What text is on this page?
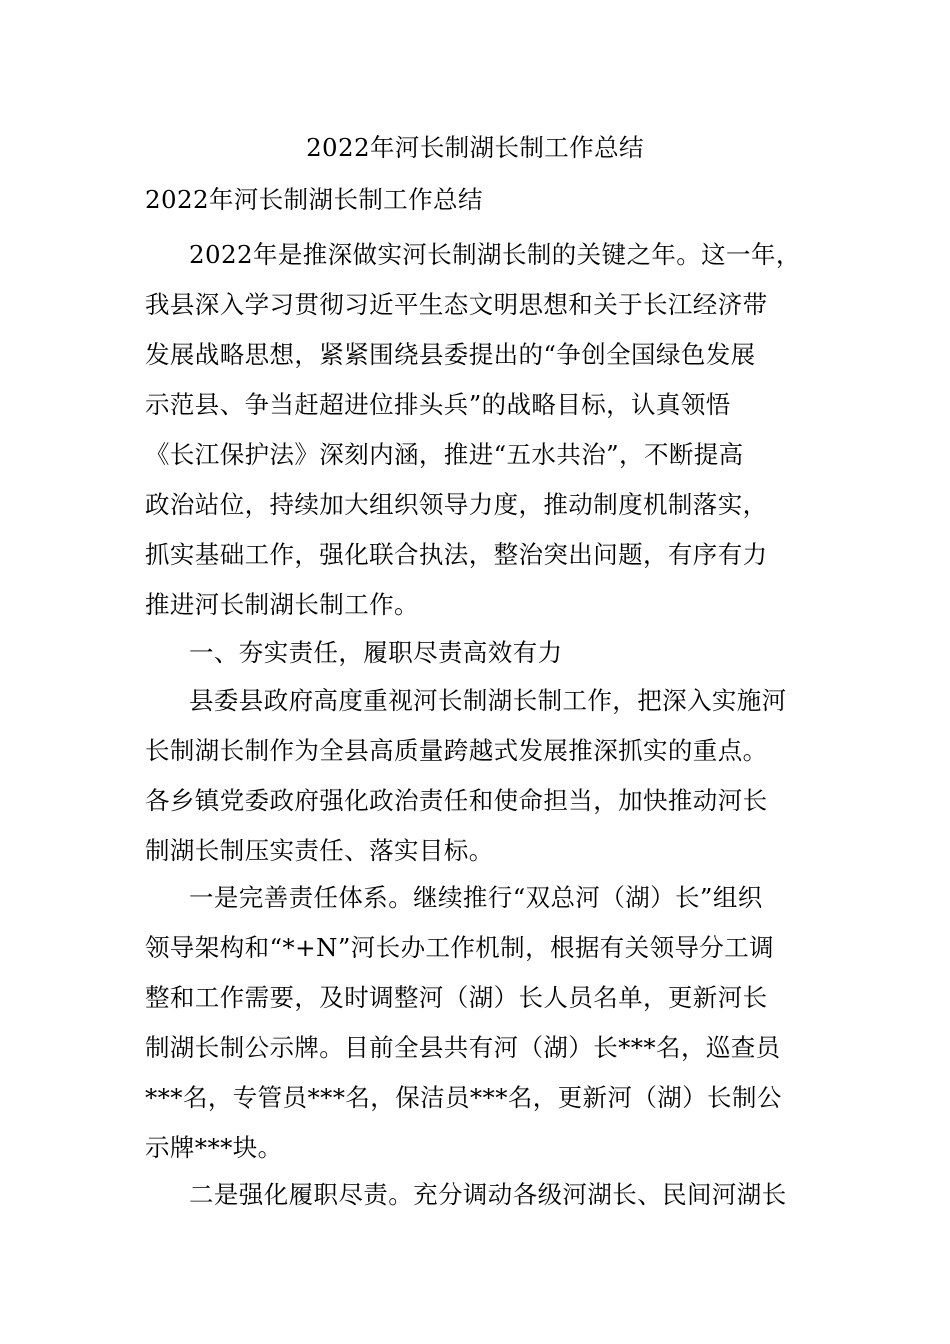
2022年河长制湖长制工作总结
2022年河长制湖长制工作总结
2022年是推深做实河长制湖长制的关键之年。这一年，
我县深入学习贯彻习近平生态文明思想和关于长江经济带
发展战略思想，紧紧围绕县委提出的“争创全国绿色发展
示范县、争当赶超进位排头兵”的战略目标，认真领悟
《长江保护法》深刻内涵，推进“五水共治”，不断提高
政治站位，持续加大组织领导力度，推动制度机制落实，
抓实基础工作，强化联合执法，整治突出问题，有序有力
推进河长制湖长制工作。
一、夯实责任，履职尽责高效有力
县委县政府高度重视河长制湖长制工作，把深入实施河
长制湖长制作为全县高质量跨越式发展推深抓实的重点。
各乡镇党委政府强化政治责任和使命担当，加快推动河长
制湖长制压实责任、落实目标。
一是完善责任体系。继续推行“双总河（湖）长”组织
领导架构和“*+N”河长办工作机制，根据有关领导分工调
整和工作需要，及时调整河（湖）长人员名单，更新河长
制湖长制公示牌。目前全县共有河（湖）长***名，巡查员
***名，专管员***名，保洁员***名，更新河（湖）长制公
示牌***块。
二是强化履职尽责。充分调动各级河湖长、民间河湖长
